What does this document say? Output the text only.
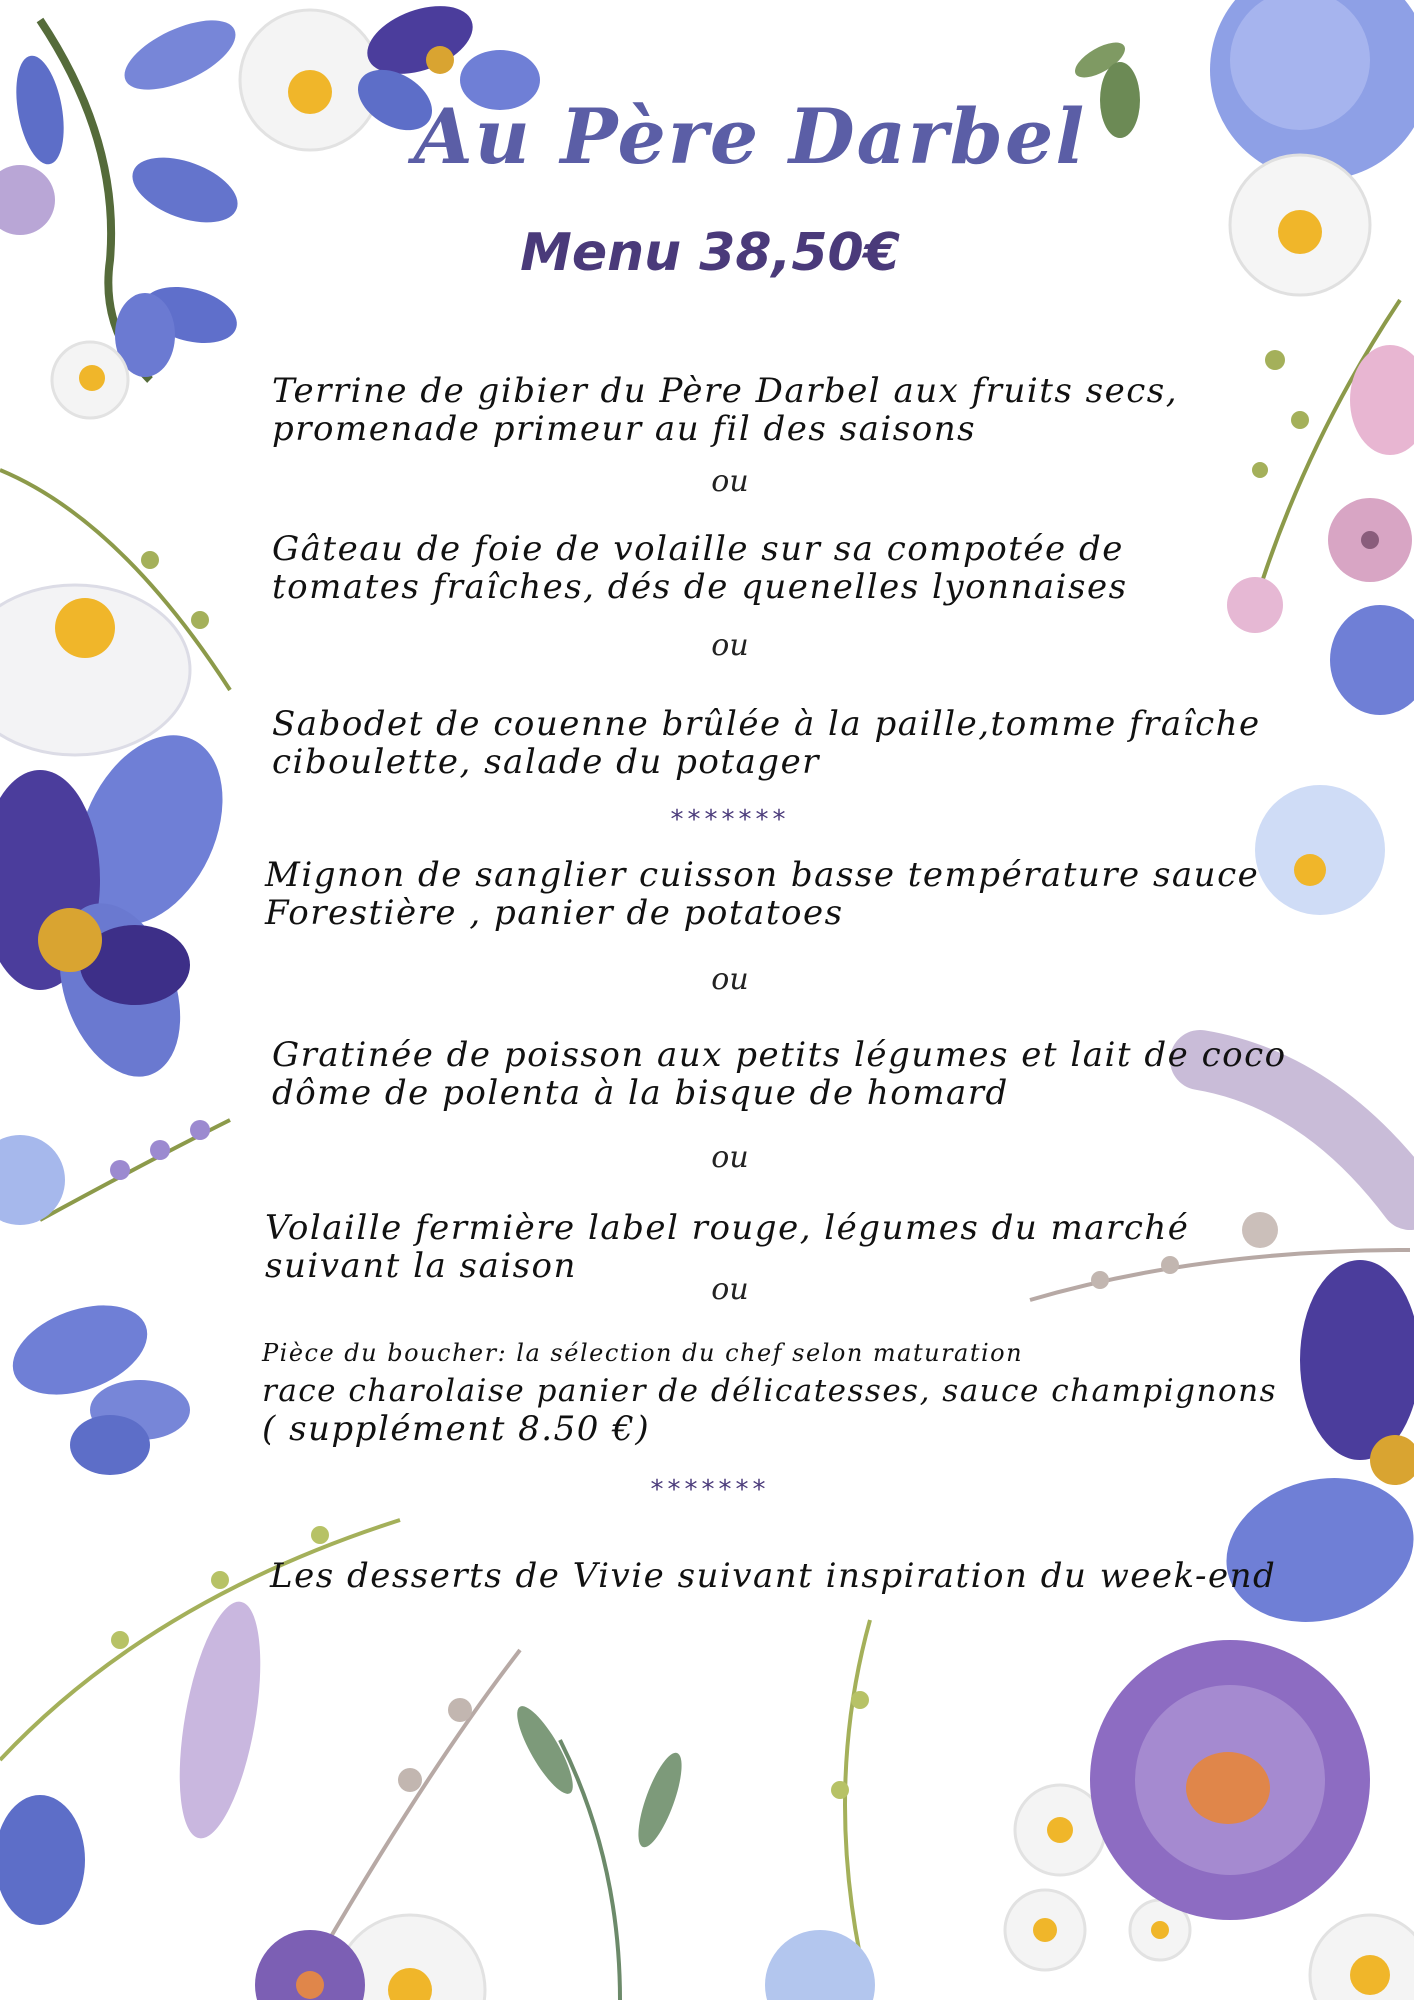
Au Père Darbel
Menu 38,50€

Terrine de gibier du Père Darbel aux fruits secs,
promenade primeur au fil des saisons

ou

Gâteau de foie de volaille sur sa compotée de
tomates fraîches, dés de quenelles lyonnaises

ou

Sabodet de couenne brûlée à la paille,tomme fraîche
ciboulette, salade du potager

*******

Mignon de sanglier cuisson basse température sauce
Forestière , panier de potatoes

ou

Gratinée de poisson aux petits légumes et lait de coco
dôme de polenta à la bisque de homard

ou

Volaille fermière label rouge, légumes du marché
suivant la saison

ou

Pièce du boucher: la sélection du chef selon maturation
race charolaise panier de délicatesses, sauce champignons
( supplément 8.50 €)

*******

Les desserts de Vivie suivant inspiration du week-end
